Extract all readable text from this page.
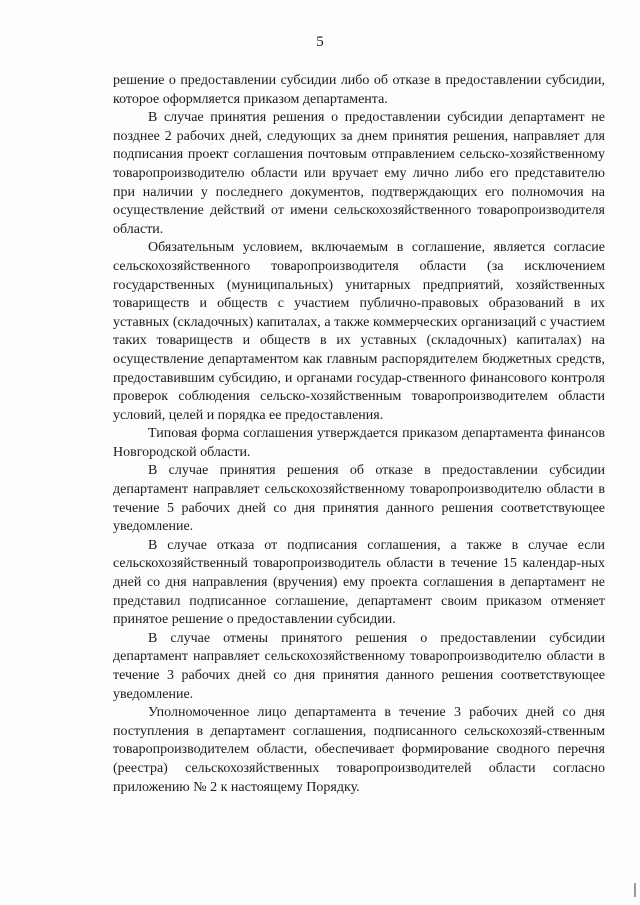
5

решение о предоставлении субсидии либо об отказе в предоставлении субсидии, которое оформляется приказом департамента.

В случае принятия решения о предоставлении субсидии департамент не позднее 2 рабочих дней, следующих за днем принятия решения, направляет для подписания проект соглашения почтовым отправлением сельско-хозяйственному товаропроизводителю области или вручает ему лично либо его представителю при наличии у последнего документов, подтверждающих его полномочия на осуществление действий от имени сельскохозяйственного товаропроизводителя области.

Обязательным условием, включаемым в соглашение, является согласие сельскохозяйственного товаропроизводителя области (за исключением государственных (муниципальных) унитарных предприятий, хозяйственных товариществ и обществ с участием публично-правовых образований в их уставных (складочных) капиталах, а также коммерческих организаций с участием таких товариществ и обществ в их уставных (складочных) капиталах) на осуществление департаментом как главным распорядителем бюджетных средств, предоставившим субсидию, и органами государ-ственного финансового контроля проверок соблюдения сельско-хозяйственным товаропроизводителем области условий, целей и порядка ее предоставления.

Типовая форма соглашения утверждается приказом департамента финансов Новгородской области.

В случае принятия решения об отказе в предоставлении субсидии департамент направляет сельскохозяйственному товаропроизводителю области в течение 5 рабочих дней со дня принятия данного решения соответствующее уведомление.

В случае отказа от подписания соглашения, а также в случае если сельскохозяйственный товаропроизводитель области в течение 15 календар-ных дней со дня направления (вручения) ему проекта соглашения в департамент не представил подписанное соглашение, департамент своим приказом отменяет принятое решение о предоставлении субсидии.

В случае отмены принятого решения о предоставлении субсидии департамент направляет сельскохозяйственному товаропроизводителю области в течение 3 рабочих дней со дня принятия данного решения соответствующее уведомление.

Уполномоченное лицо департамента в течение 3 рабочих дней со дня поступления в департамент соглашения, подписанного сельскохозяй-ственным товаропроизводителем области, обеспечивает формирование сводного перечня (реестра) сельскохозяйственных товаропроизводителей области согласно приложению № 2 к настоящему Порядку.
